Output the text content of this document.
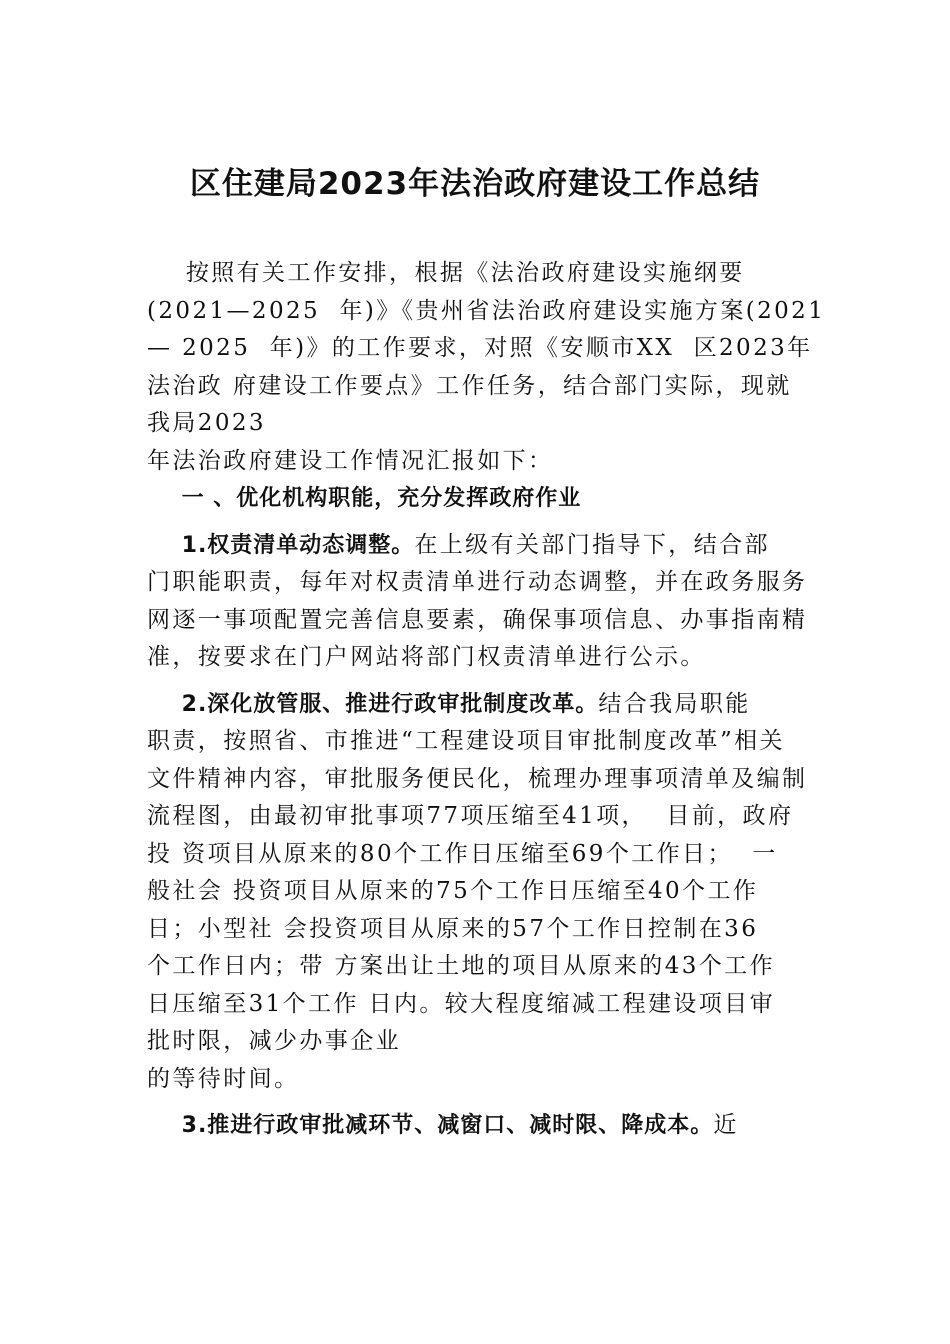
区住建局2023年法治政府建设工作总结
按照有关工作安排，根据《法治政府建设实施纲要
(2021—2025  年)》《贵州省法治政府建设实施方案(2021
— 2025  年)》的工作要求，对照《安顺市XX  区2023年
法治政 府建设工作要点》工作任务，结合部门实际，现就
我局2023
年法治政府建设工作情况汇报如下：
一 、优化机构职能，充分发挥政府作业
1.权责清单动态调整。在上级有关部门指导下，结合部
门职能职责，每年对权责清单进行动态调整，并在政务服务
网逐一事项配置完善信息要素，确保事项信息、办事指南精
准，按要求在门户网站将部门权责清单进行公示。
2.深化放管服、推进行政审批制度改革。结合我局职能
职责，按照省、市推进“工程建设项目审批制度改革”相关
文件精神内容，审批服务便民化，梳理办理事项清单及编制
流程图，由最初审批事项77项压缩至41项，  目前，政府
投 资项目从原来的80个工作日压缩至69个工作日；  一
般社会 投资项目从原来的75个工作日压缩至40个工作
日；小型社 会投资项目从原来的57个工作日控制在36
个工作日内；带 方案出让土地的项目从原来的43个工作
日压缩至31个工作 日内。较大程度缩减工程建设项目审
批时限，减少办事企业
的等待时间。
3.推进行政审批减环节、减窗口、减时限、降成本。近
